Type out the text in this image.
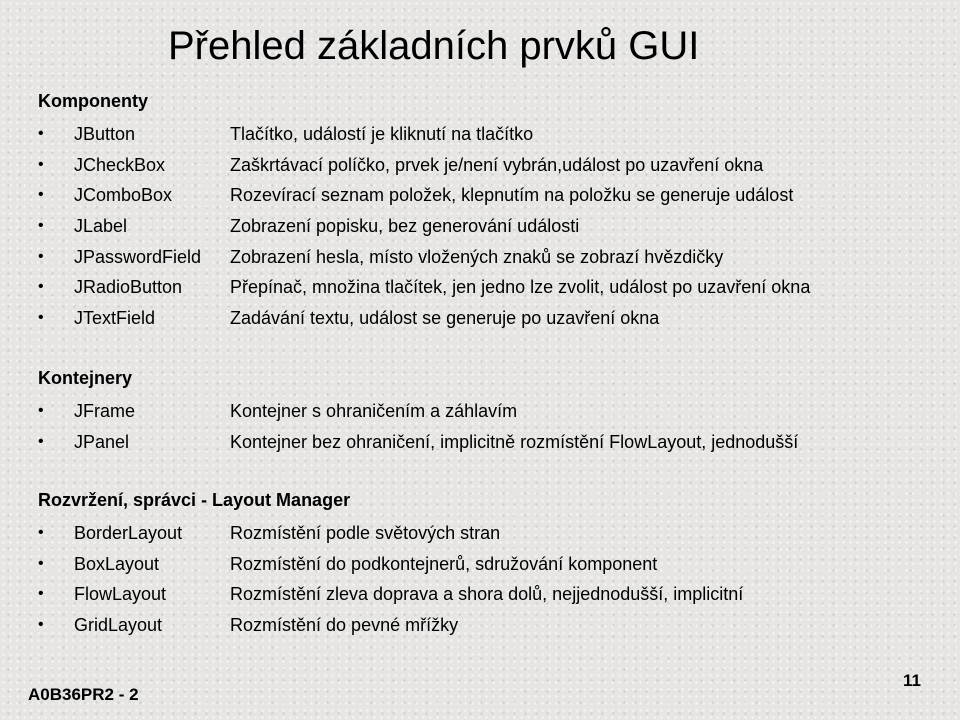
Přehled základních prvků GUI
Komponenty
• JButton	Tlačítko, událostí je kliknutí na tlačítko
• JCheckBox	Zaškrtávací políčko, prvek je/není vybrán,událost po uzavření okna
• JComboBox	Rozevírací seznam položek, klepnutím na položku se generuje událost
• JLabel	Zobrazení popisku, bez generování události
• JPasswordField Zobrazení hesla, místo vložených znaků se zobrazí hvězdičky
• JRadioButton	Přepínač, množina tlačítek, jen jedno lze zvolit, událost po uzavření okna
• JTextField	Zadávání textu, událost se generuje po uzavření okna
Kontejnery
• JFrame	Kontejner s ohraničením a záhlavím
• JPanel	Kontejner bez ohraničení, implicitně rozmístění FlowLayout, jednodušší
Rozvržení, správci - Layout Manager
• BorderLayout	Rozmístění podle světových stran
• BoxLayout	Rozmístění do podkontejnerů, sdružování komponent
• FlowLayout	Rozmístění zleva doprava a shora dolů, nejjednodušší, implicitní
• GridLayout	Rozmístění do pevné mřížky
A0B36PR2 - 2
11
